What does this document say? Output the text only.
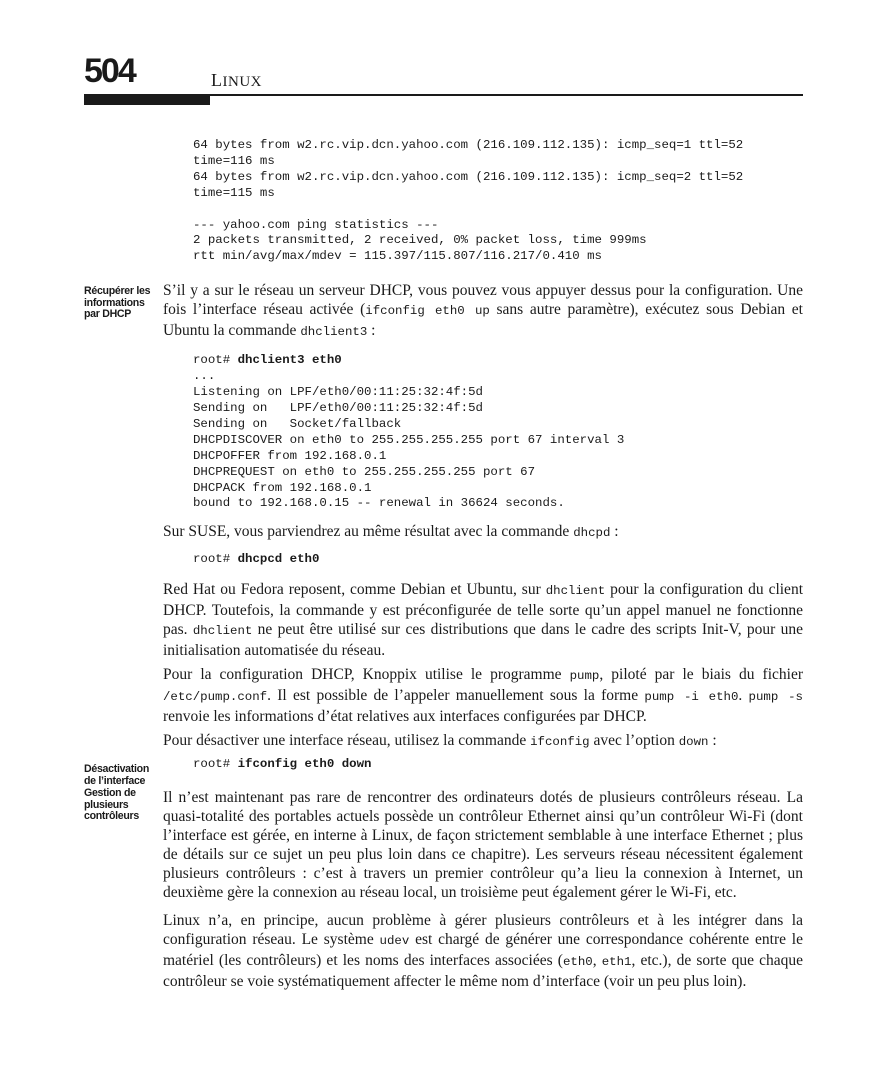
504	LINUX
Récupérer les informations par DHCP
Désactivation de l’interface
Gestion de plusieurs contrôleurs
64 bytes from w2.rc.vip.dcn.yahoo.com (216.109.112.135): icmp_seq=1 ttl=52
time=116 ms
64 bytes from w2.rc.vip.dcn.yahoo.com (216.109.112.135): icmp_seq=2 ttl=52
time=115 ms

--- yahoo.com ping statistics ---
2 packets transmitted, 2 received, 0% packet loss, time 999ms
rtt min/avg/max/mdev = 115.397/115.807/116.217/0.410 ms

S’il y a sur le réseau un serveur DHCP, vous pouvez vous appuyer dessus pour la configuration. Une fois l’interface réseau activée (ifconfig eth0 up sans autre paramètre), exécutez sous Debian et Ubuntu la commande dhclient3 :

root# dhclient3 eth0
...
Listening on LPF/eth0/00:11:25:32:4f:5d
Sending on   LPF/eth0/00:11:25:32:4f:5d
Sending on   Socket/fallback
DHCPDISCOVER on eth0 to 255.255.255.255 port 67 interval 3
DHCPOFFER from 192.168.0.1
DHCPREQUEST on eth0 to 255.255.255.255 port 67
DHCPACK from 192.168.0.1
bound to 192.168.0.15 -- renewal in 36624 seconds.

Sur SUSE, vous parviendrez au même résultat avec la commande dhcpd :

root# dhcpcd eth0

Red Hat ou Fedora reposent, comme Debian et Ubuntu, sur dhclient pour la configuration du client DHCP. Toutefois, la commande y est préconfigurée de telle sorte qu’un appel manuel ne fonctionne pas. dhclient ne peut être utilisé sur ces distributions que dans le cadre des scripts Init-V, pour une initialisation automatisée du réseau.

Pour la configuration DHCP, Knoppix utilise le programme pump, piloté par le biais du fichier /etc/pump.conf. Il est possible de l’appeler manuellement sous la forme pump -i eth0. pump -s renvoie les informations d’état relatives aux interfaces configurées par DHCP.

Pour désactiver une interface réseau, utilisez la commande ifconfig avec l’option down :

root# ifconfig eth0 down

Il n’est maintenant pas rare de rencontrer des ordinateurs dotés de plusieurs contrôleurs réseau. La quasi-totalité des portables actuels possède un contrôleur Ethernet ainsi qu’un contrôleur Wi-Fi (dont l’interface est gérée, en interne à Linux, de façon strictement semblable à une interface Ethernet ; plus de détails sur ce sujet un peu plus loin dans ce chapitre). Les serveurs réseau nécessitent également plusieurs contrôleurs : c’est à travers un premier contrôleur qu’a lieu la connexion à Internet, un deuxième gère la connexion au réseau local, un troisième peut également gérer le Wi-Fi, etc.

Linux n’a, en principe, aucun problème à gérer plusieurs contrôleurs et à les intégrer dans la configuration réseau. Le système udev est chargé de générer une correspondance cohérente entre le matériel (les contrôleurs) et les noms des interfaces associées (eth0, eth1, etc.), de sorte que chaque contrôleur se voie systématiquement affecter le même nom d’interface (voir un peu plus loin).
